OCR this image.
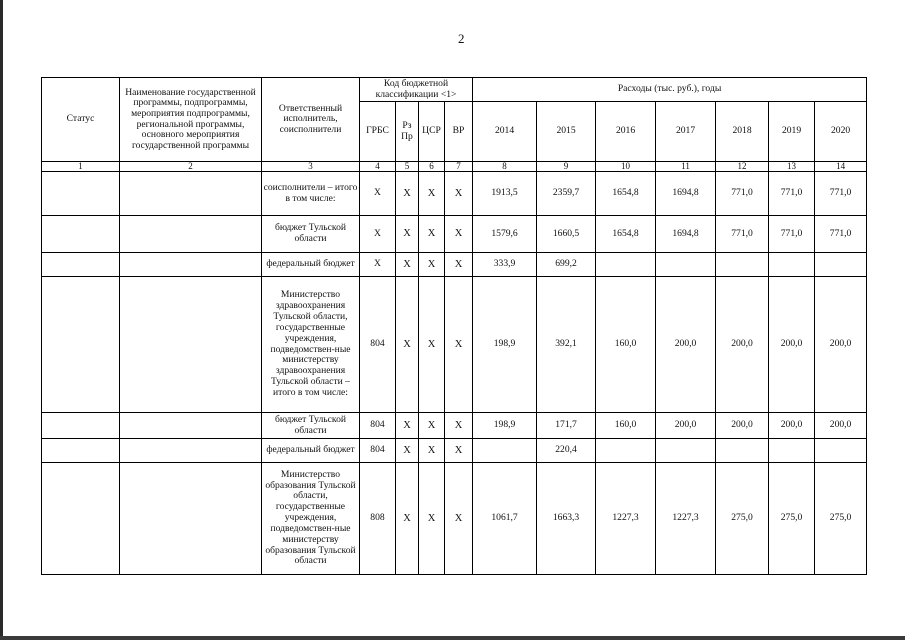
2
Статус	Наименование государственной программы, подпрограммы, мероприятия подпрограммы, региональной программы, основного мероприятия государственной программы	Ответственный исполнитель, соисполнители	Код бюджетной классификации <1>				Расходы (тыс. руб.), годы						
			ГРБС	Рз Пр	ЦСР	ВР	2014	2015	2016	2017	2018	2019	2020
1	2	3	4	5	6	7	8	9	10	11	12	13	14
		соисполнители – итого в том числе:	X	X	X	X	1913,5	2359,7	1654,8	1694,8	771,0	771,0	771,0
		бюджет Тульской области	X	X	X	X	1579,6	1660,5	1654,8	1694,8	771,0	771,0	771,0
		федеральный бюджет	X	X	X	X	333,9	699,2					
		Министерство здравоохранения Тульской области, государственные учреждения, подведомствен-ные министерству здравоохранения Тульской области – итого в том числе:	804	X	X	X	198,9	392,1	160,0	200,0	200,0	200,0	200,0
		бюджет Тульской области	804	X	X	X	198,9	171,7	160,0	200,0	200,0	200,0	200,0
		федеральный бюджет	804	X	X	X		220,4					
		Министерство образования Тульской области, государственные учреждения, подведомствен-ные министерству образования Тульской области	808	X	X	X	1061,7	1663,3	1227,3	1227,3	275,0	275,0	275,0
